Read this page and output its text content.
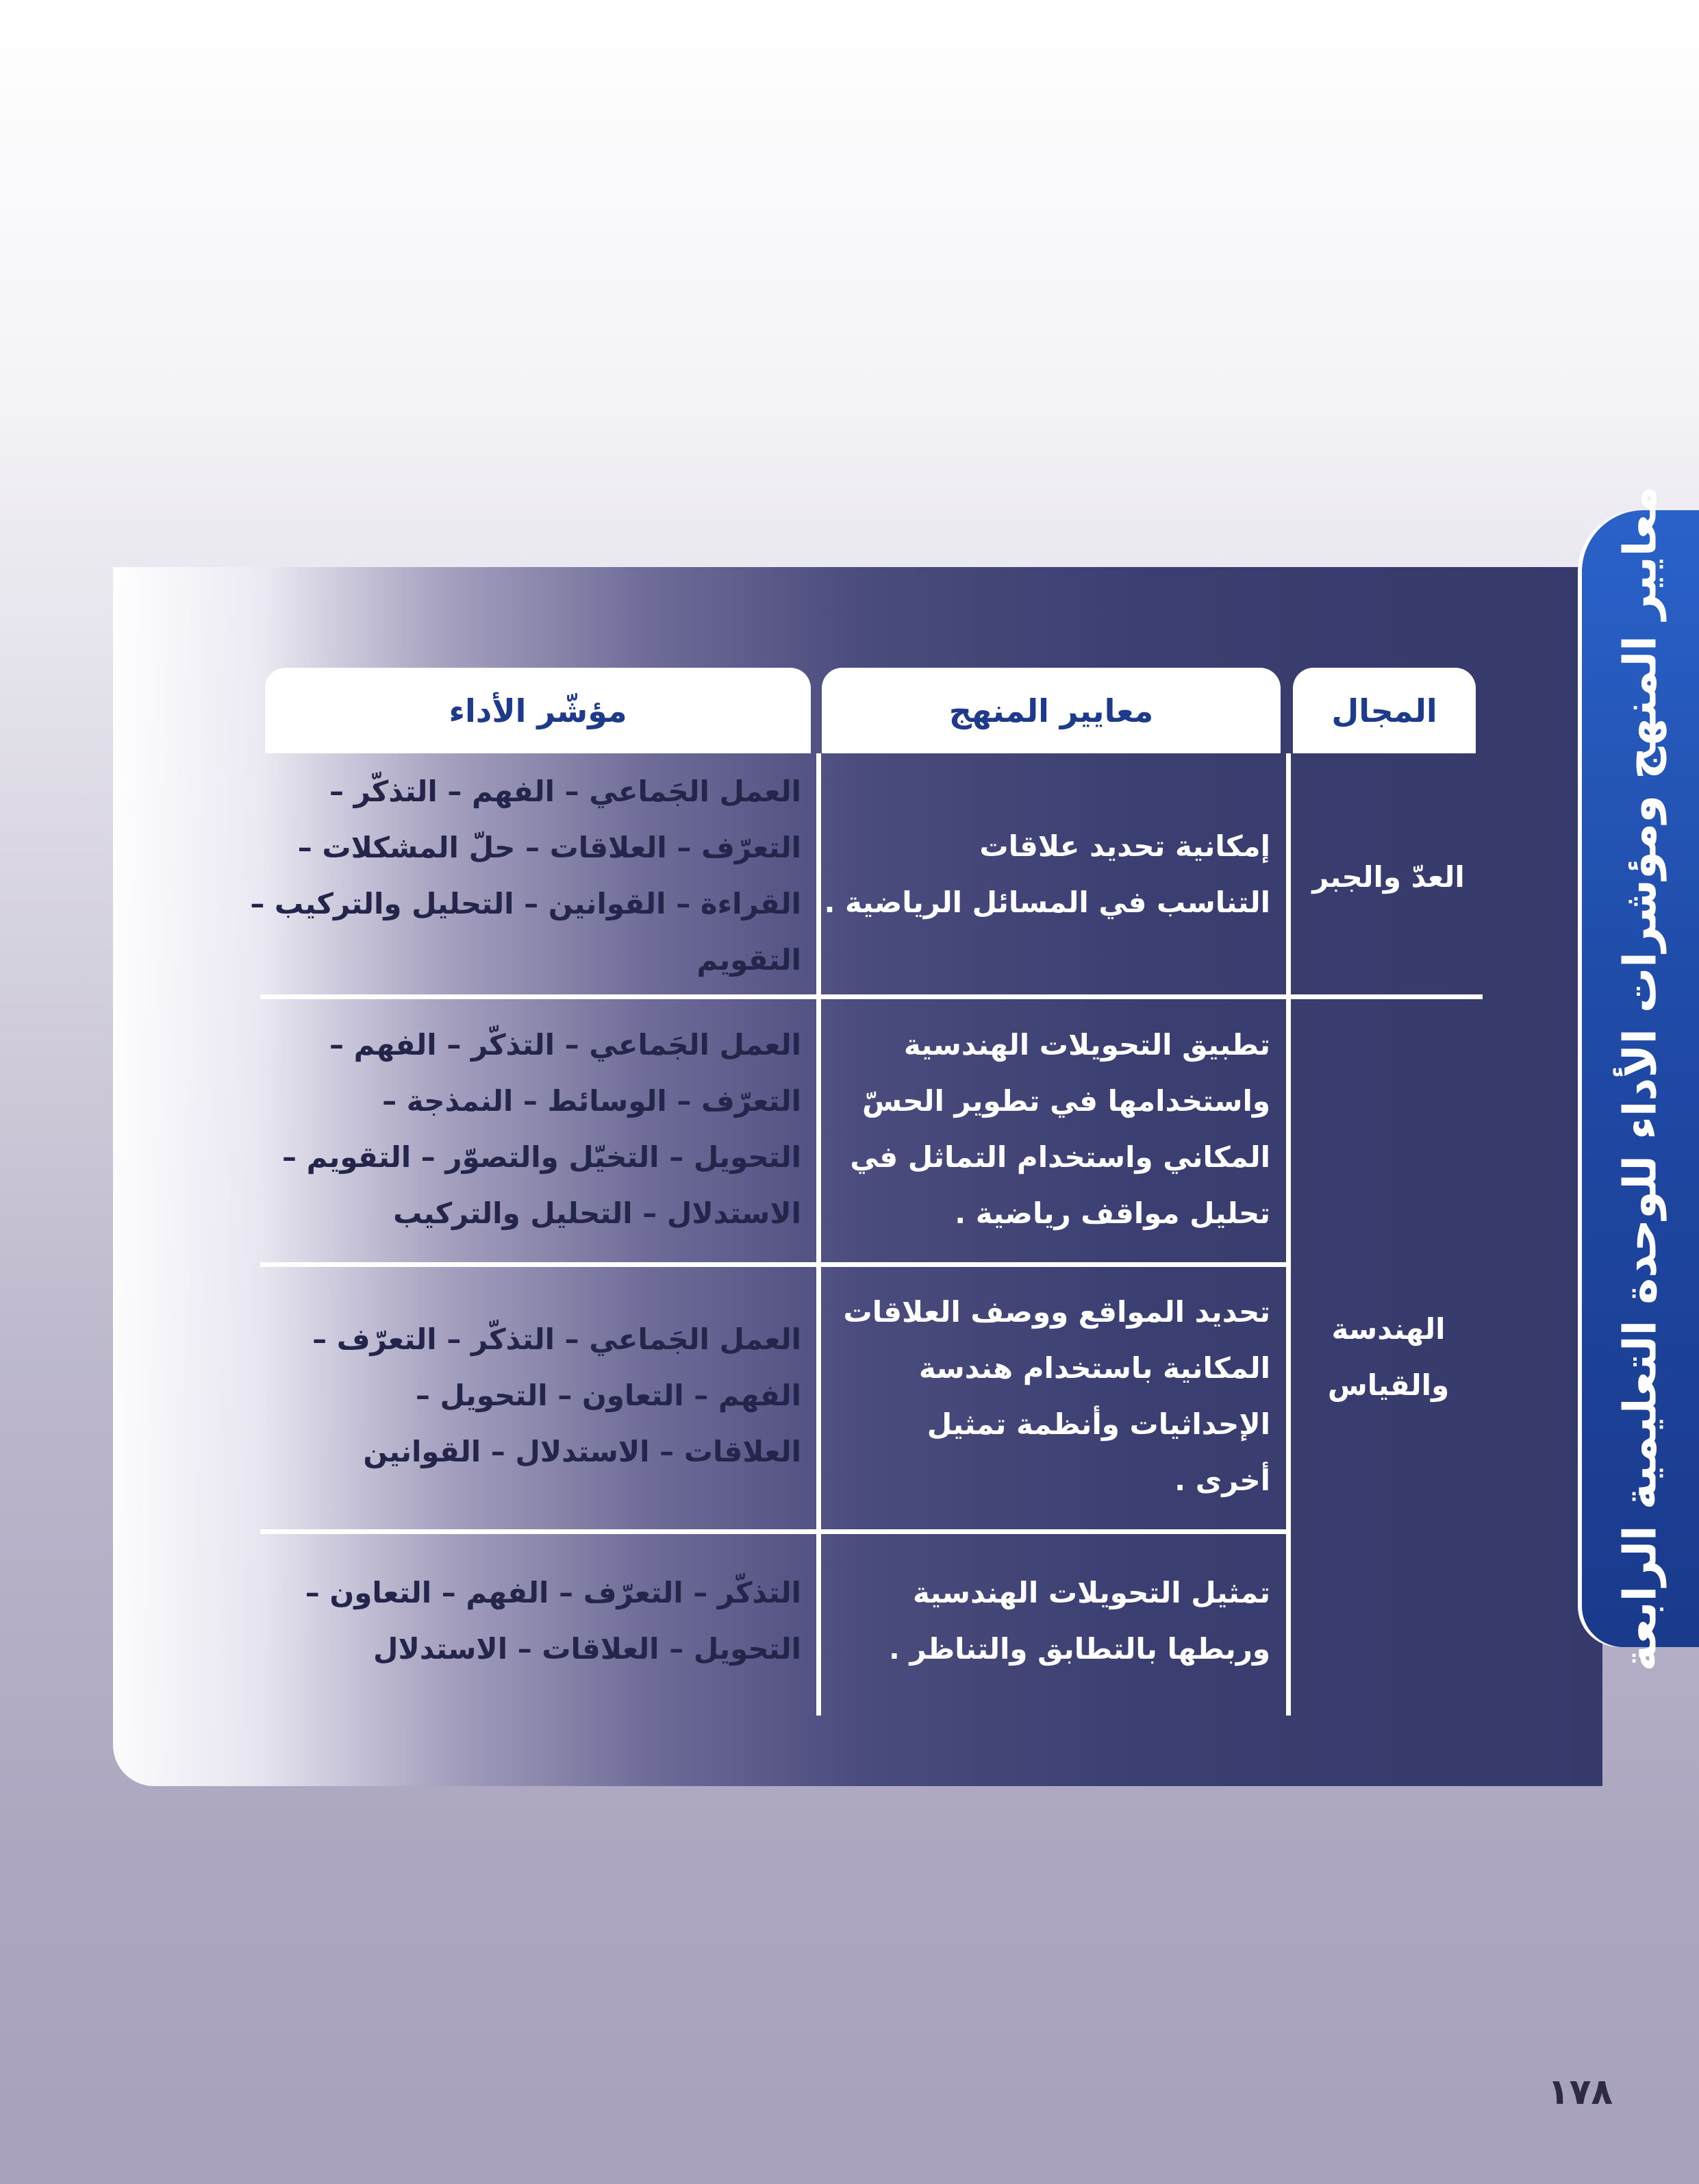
معايير المنهج ومؤشرات الأداء للوحدة التعليمية الرابعة
المجال
معايير المنهج
مؤشّر الأداء
العدّ والجبر
الهندسة
والقياس
إمكانية تحديد علاقات
التناسب في المسائل الرياضية .
تطبيق التحويلات الهندسية
واستخدامها في تطوير الحسّ
المكاني واستخدام التماثل في
تحليل مواقف رياضية .
تحديد المواقع ووصف العلاقات
المكانية باستخدام هندسة
الإحداثيات وأنظمة تمثيل
أخرى .
تمثيل التحويلات الهندسية
وربطها بالتطابق والتناظر .
العمل الجَماعي – الفهم – التذكّر –
التعرّف – العلاقات – حلّ المشكلات –
القراءة – القوانين – التحليل والتركيب –
التقويم
العمل الجَماعي – التذكّر – الفهم –
التعرّف – الوسائط – النمذجة –
التحويل – التخيّل والتصوّر – التقويم –
الاستدلال – التحليل والتركيب
العمل الجَماعي – التذكّر – التعرّف –
الفهم – التعاون – التحويل –
العلاقات – الاستدلال – القوانين
التذكّر – التعرّف – الفهم – التعاون –
التحويل – العلاقات – الاستدلال
١٧٨
